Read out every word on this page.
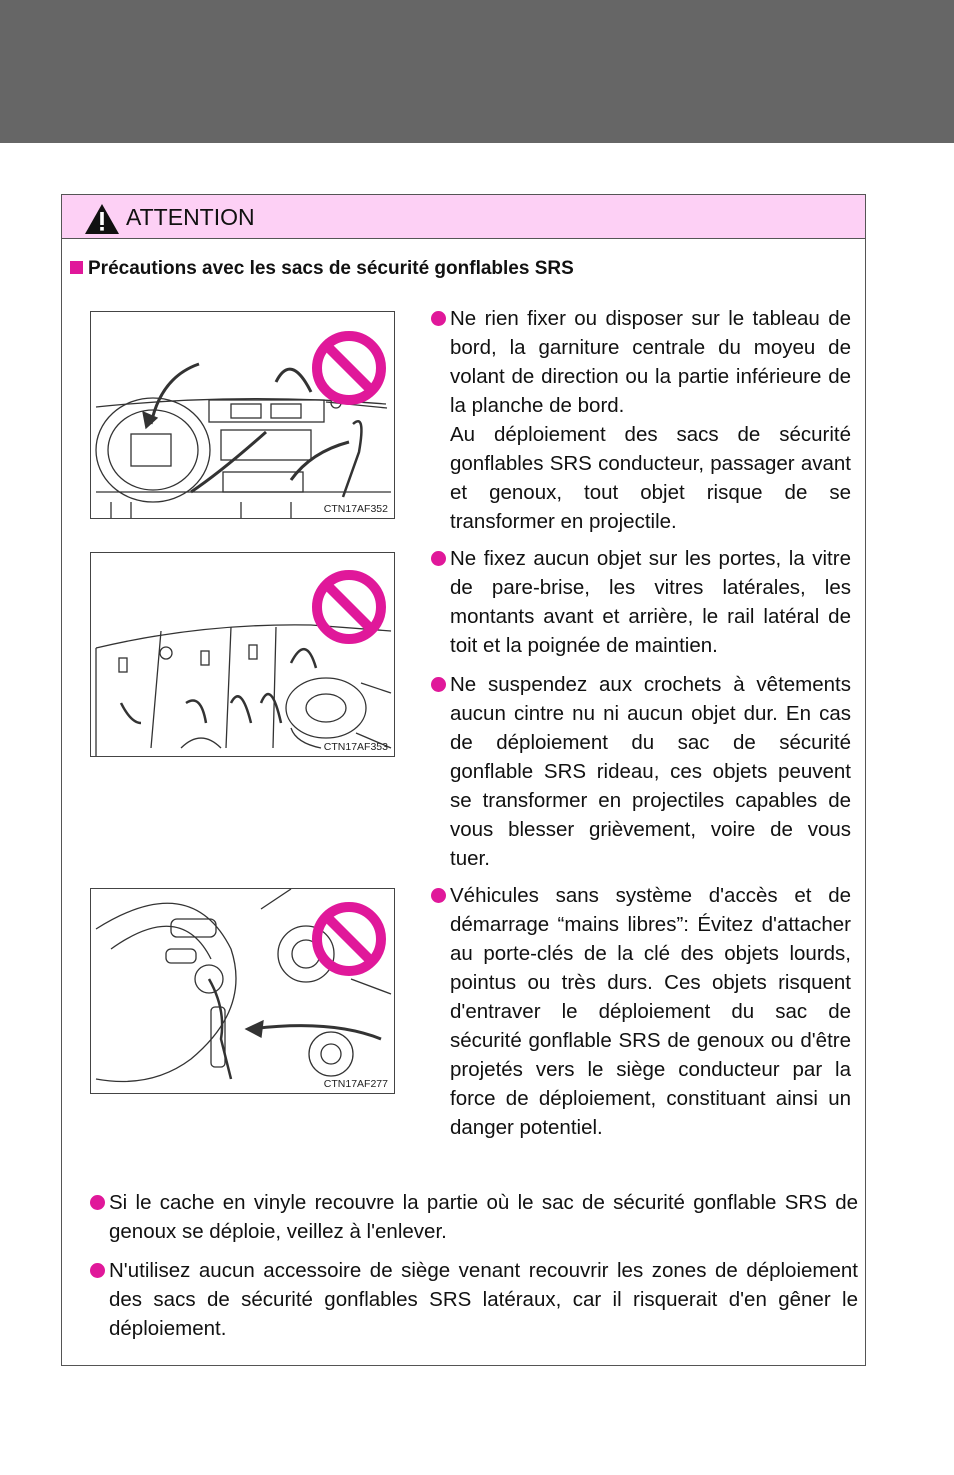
ATTENTION
Précautions avec les sacs de sécurité gonflables SRS
CTN17AF352
CTN17AF353
CTN17AF277

Ne rien fixer ou disposer sur le tableau de bord, la garniture centrale du moyeu de volant de direction ou la partie inférieure de la planche de bord.

Au déploiement des sacs de sécurité gonflables SRS conducteur, passager avant et genoux, tout objet risque de se transformer en projectile.

Ne fixez aucun objet sur les portes, la vitre de pare-brise, les vitres latérales, les montants avant et arrière, le rail latéral de toit et la poignée de maintien.

Ne suspendez aux crochets à vêtements aucun cintre nu ni aucun objet dur. En cas de déploiement du sac de sécurité gonflable SRS rideau, ces objets peuvent se transformer en projectiles capables de vous blesser grièvement, voire de vous tuer.

Véhicules sans système d'accès et de démarrage “mains libres”: Évitez d'attacher au porte-clés de la clé des objets lourds, pointus ou très durs. Ces objets risquent d'entraver le déploiement du sac de sécurité gonflable SRS de genoux ou d'être projetés vers le siège conducteur par la force de déploiement, constituant ainsi un danger potentiel.

Si le cache en vinyle recouvre la partie où le sac de sécurité gonflable SRS de genoux se déploie, veillez à l'enlever.

N'utilisez aucun accessoire de siège venant recouvrir les zones de déploiement des sacs de sécurité gonflables SRS latéraux, car il risquerait d'en gêner le déploiement.
